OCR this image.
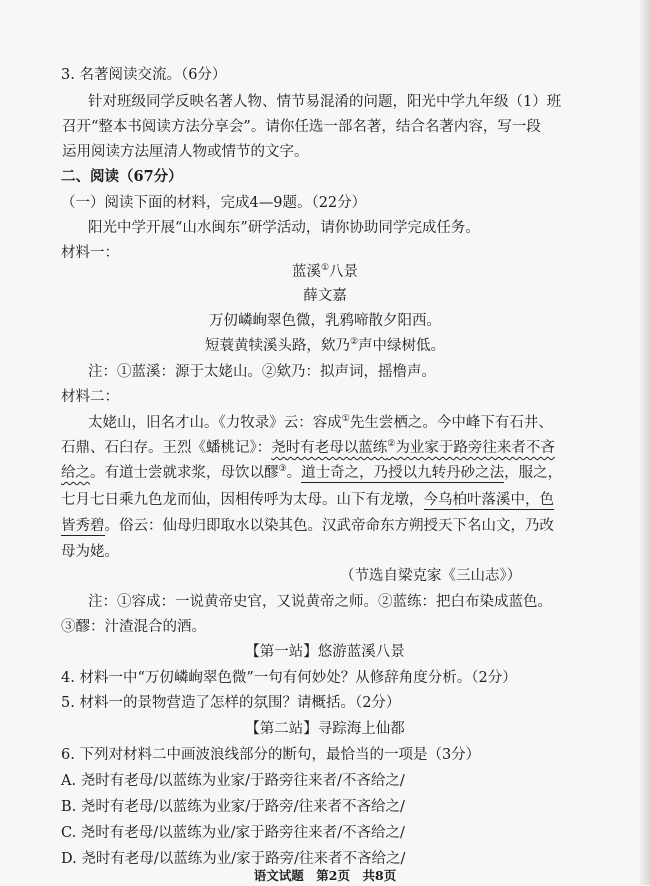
3. 名著阅读交流。（6分）
针对班级同学反映名著人物、情节易混淆的问题，阳光中学九年级（1）班
召开“整本书阅读方法分享会”。请你任选一部名著，结合名著内容，写一段
运用阅读方法厘清人物或情节的文字。
二、阅读（67分）
（一）阅读下面的材料，完成4—9题。（22分）
阳光中学开展“山水闽东”研学活动，请你协助同学完成任务。
材料一：
蓝溪①八景
薛文嘉
万仞嶙峋翠色微，乳鸦啼散夕阳西。
短蓑黄犊溪头路，欸乃②声中绿树低。
注：①蓝溪：源于太姥山。②欸乃：拟声词，摇橹声。
材料二：
太姥山，旧名才山。《力牧录》云：容成①先生尝栖之。今中峰下有石井、
石鼎、石臼存。王烈《蟠桃记》：尧时有老母以蓝练②为业家于路旁往来者不吝
给之。有道士尝就求浆，母饮以醪③。道士奇之，乃授以九转丹砂之法，服之，
七月七日乘九色龙而仙，因相传呼为太母。山下有龙墩，今乌柏叶落溪中，色
皆秀碧。俗云：仙母归即取水以染其色。汉武帝命东方朔授天下名山文，乃改
母为姥。
（节选自梁克家《三山志》）
注：①容成：一说黄帝史官，又说黄帝之师。②蓝练：把白布染成蓝色。
③醪：汁渣混合的酒。
【第一站】悠游蓝溪八景
4. 材料一中“万仞嶙峋翠色微”一句有何妙处？从修辞角度分析。（2分）
5. 材料一的景物营造了怎样的氛围？请概括。（2分）
【第二站】寻踪海上仙都
6. 下列对材料二中画波浪线部分的断句，最恰当的一项是（3分）
A. 尧时有老母/以蓝练为业家/于路旁往来者/不吝给之/
B. 尧时有老母/以蓝练为业家/于路旁/往来者不吝给之/
C. 尧时有老母/以蓝练为业/家于路旁往来者/不吝给之/
D. 尧时有老母/以蓝练为业/家于路旁/往来者不吝给之/
语文试题　第2页　共8页
